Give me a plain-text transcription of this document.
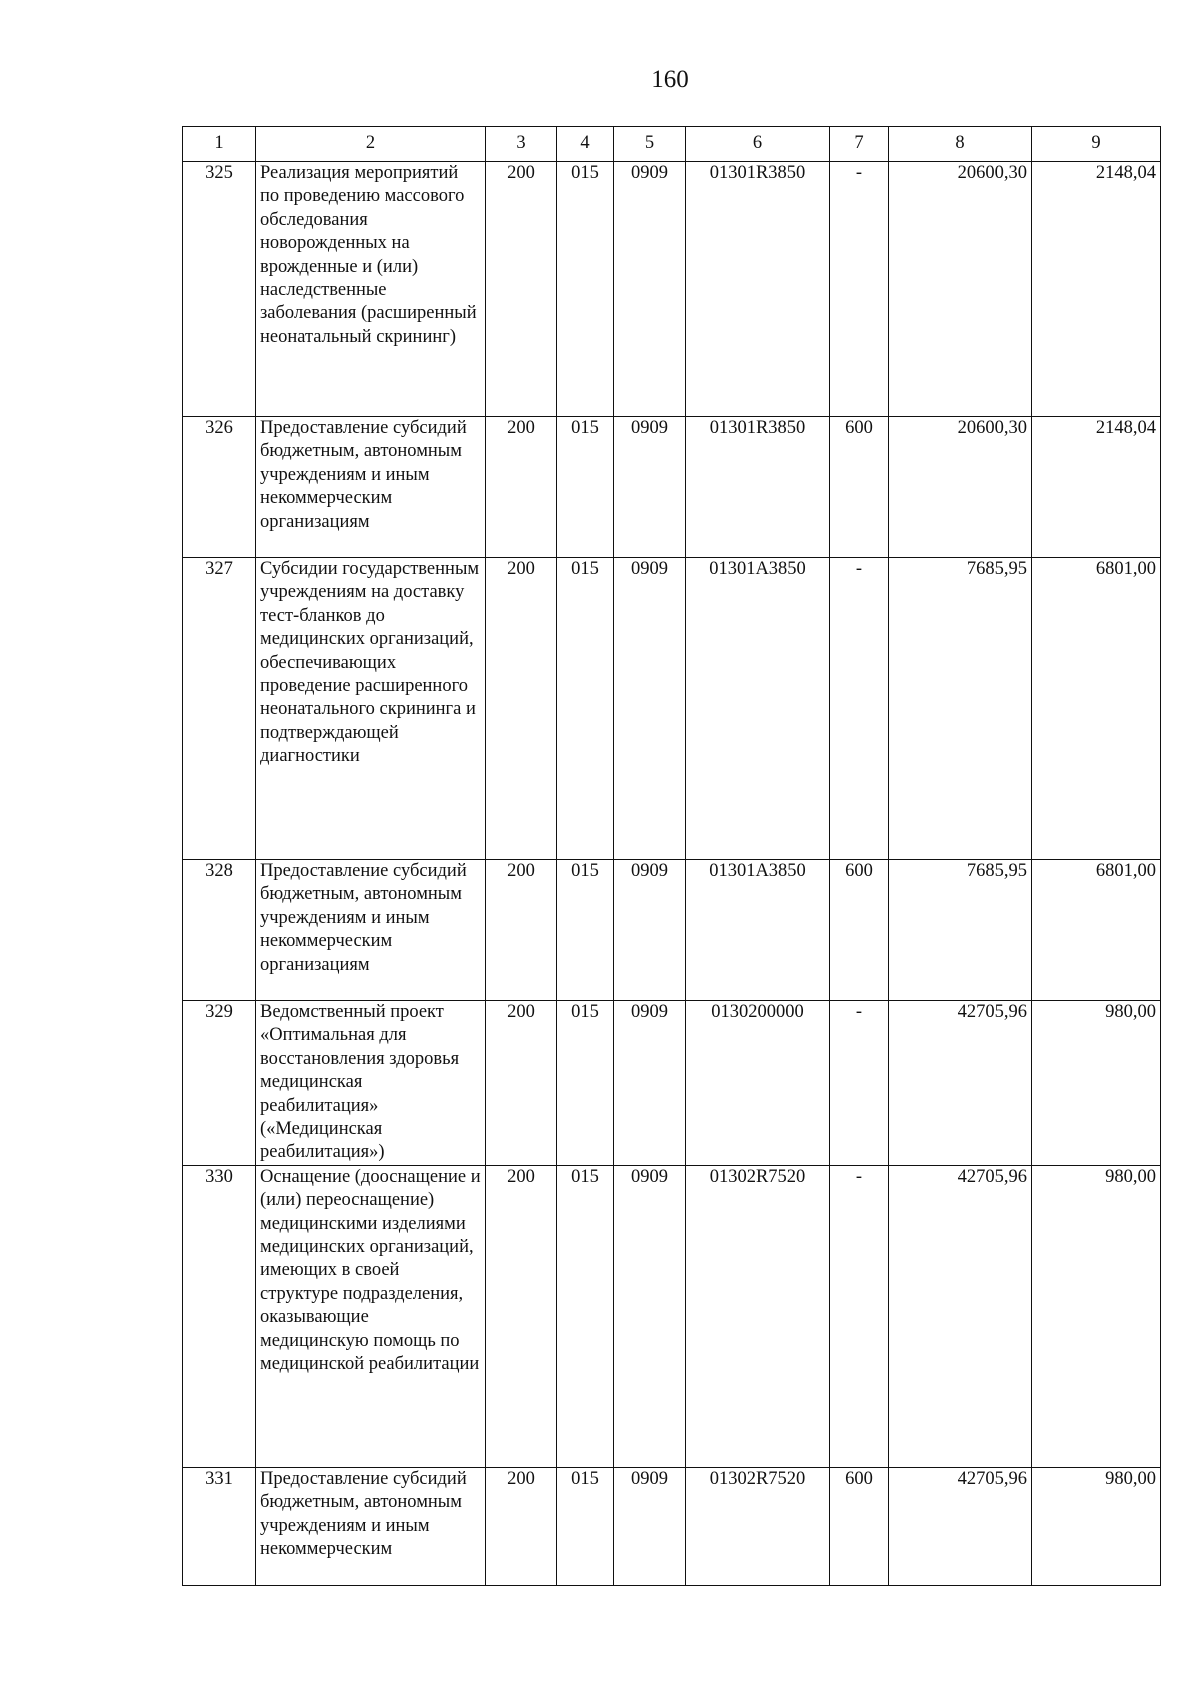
160
1	2	3	4	5	6	7	8	9
325	Реализация мероприятий по проведению массового обследования новорожденных на врожденные и (или) наследственные заболевания (расширенный неонатальный скрининг)	200	015	0909	01301R3850	-	20600,30	2148,04
326	Предоставление субсидий бюджетным, автономным учреждениям и иным некоммерческим организациям	200	015	0909	01301R3850	600	20600,30	2148,04
327	Субсидии государственным учреждениям на доставку тест-бланков до медицинских организаций, обеспечивающих проведение расширенного неонатального скрининга и подтверждающей диагностики	200	015	0909	01301A3850	-	7685,95	6801,00
328	Предоставление субсидий бюджетным, автономным учреждениям и иным некоммерческим организациям	200	015	0909	01301A3850	600	7685,95	6801,00
329	Ведомственный проект «Оптимальная для восстановления здоровья медицинская реабилитация» («Медицинская реабилитация»)	200	015	0909	0130200000	-	42705,96	980,00
330	Оснащение (дооснащение и (или) переоснащение) медицинскими изделиями медицинских организаций, имеющих в своей структуре подразделения, оказывающие медицинскую помощь по медицинской реабилитации	200	015	0909	01302R7520	-	42705,96	980,00
331	Предоставление субсидий бюджетным, автономным учреждениям и иным некоммерческим	200	015	0909	01302R7520	600	42705,96	980,00
